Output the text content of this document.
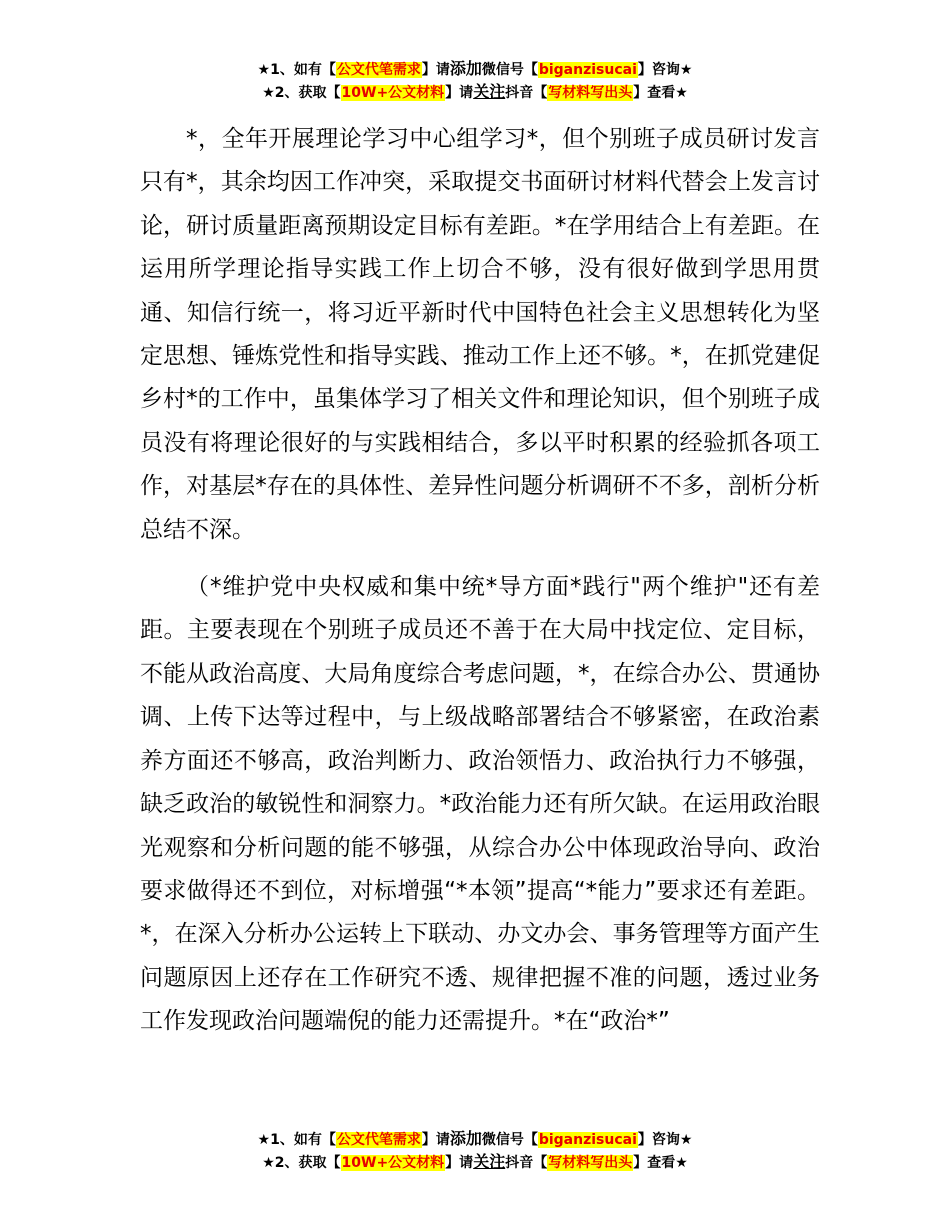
★1、如有【公文代笔需求】请添加微信号【biganzisucai】咨询★
★2、获取【10W+公文材料】请关注抖音【写材料写出头】查看★

*，全年开展理论学习中心组学习*，但个别班子成员研讨发言只有*，其余均因工作冲突，采取提交书面研讨材料代替会上发言讨论，研讨质量距离预期设定目标有差距。*在学用结合上有差距。在运用所学理论指导实践工作上切合不够，没有很好做到学思用贯通、知信行统一，将习近平新时代中国特色社会主义思想转化为坚定思想、锤炼党性和指导实践、推动工作上还不够。*，在抓党建促乡村*的工作中，虽集体学习了相关文件和理论知识，但个别班子成员没有将理论很好的与实践相结合，多以平时积累的经验抓各项工作，对基层*存在的具体性、差异性问题分析调研不不多，剖析分析总结不深。

（*维护党中央权威和集中统*导方面*践行"两个维护"还有差距。主要表现在个别班子成员还不善于在大局中找定位、定目标，不能从政治高度、大局角度综合考虑问题，*，在综合办公、贯通协调、上传下达等过程中，与上级战略部署结合不够紧密，在政治素养方面还不够高，政治判断力、政治领悟力、政治执行力不够强，缺乏政治的敏锐性和洞察力。*政治能力还有所欠缺。在运用政治眼光观察和分析问题的能不够强，从综合办公中体现政治导向、政治要求做得还不到位，对标增强“*本领”提高“*能力”要求还有差距。*，在深入分析办公运转上下联动、办文办会、事务管理等方面产生问题原因上还存在工作研究不透、规律把握不准的问题，透过业务工作发现政治问题端倪的能力还需提升。*在“政治*”

★1、如有【公文代笔需求】请添加微信号【biganzisucai】咨询★
★2、获取【10W+公文材料】请关注抖音【写材料写出头】查看★
